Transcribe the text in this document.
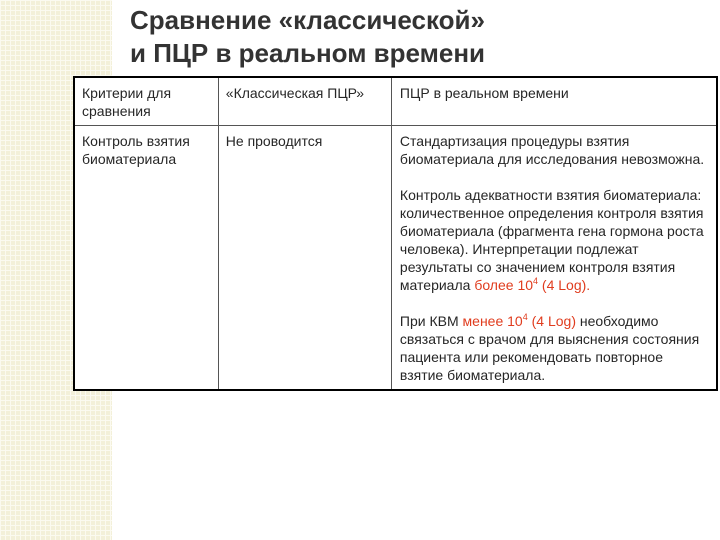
Сравнение «классической»
и ПЦР в реальном времени
Критерии для сравнения	«Классическая ПЦР»	ПЦР в реальном времени
Контроль взятия биоматериала	Не проводится	Стандартизация процедуры взятия биоматериала для исследования невозможна.

Контроль адекватности взятия биоматериала: количественное определения контроля взятия биоматериала (фрагмента гена гормона роста человека). Интерпретации подлежат результаты со значением контроля взятия материала более $10^4$ (4 Log).

При КВМ менее $10^4$ (4 Log) необходимо связаться с врачом для выяснения состояния пациента или рекомендовать повторное взятие биоматериала.
